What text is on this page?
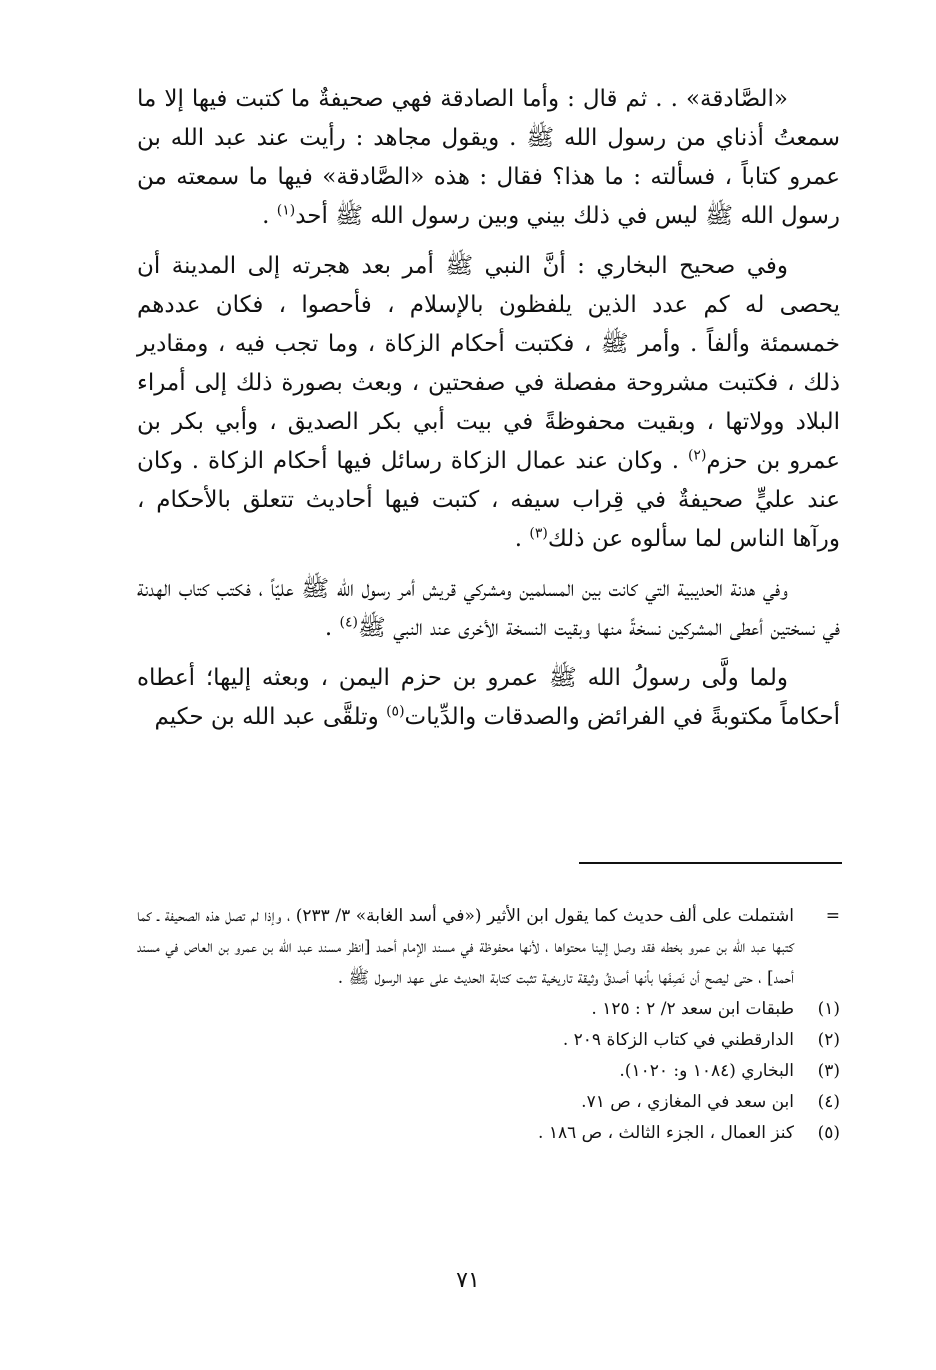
«الصَّادقة» . . ثم قال : وأما الصادقة فهي صحيفةٌ ما كتبت فيها إلا ما سمعتُ أذناي من رسول الله ﷺ . ويقول مجاهد : رأيت عند عبد الله بن عمرو كتاباً ، فسألته : ما هذا؟ فقال : هذه «الصَّادقة» فيها ما سمعته من رسول الله ﷺ ليس في ذلك بيني وبين رسول الله ﷺ أحد$^{(١)}$ .

وفي صحيح البخاري : أنَّ النبي ﷺ أمر بعد هجرته إلى المدينة أن يحصى له كم عدد الذين يلفظون بالإسلام ، فأحصوا ، فكان عددهم خمسمئة وألفاً . وأمر ﷺ ، فكتبت أحكام الزكاة ، وما تجب فيه ، ومقادير ذلك ، فكتبت مشروحة مفصلة في صفحتين ، وبعث بصورة ذلك إلى أمراء البلاد وولاتها ، وبقيت محفوظةً في بيت أبي بكر الصديق ، وأبي بكر بن عمرو بن حزم$^{(٢)}$ . وكان عند عمال الزكاة رسائل فيها أحكام الزكاة . وكان عند عليٍّ صحيفةٌ في قِراب سيفه ، كتبت فيها أحاديث تتعلق بالأحكام ، ورآها الناس لما سألوه عن ذلك$^{(٣)}$ .

وفي هدنة الحديبية التي كانت بين المسلمين ومشركي قريش أمر رسول الله ﷺ عليّاً ، فكتب كتاب الهدنة في نسختين أعطى المشركين نسخةً منها وبقيت النسخة الأخرى عند النبي ﷺ$^{(٤)}$ .

ولما ولَّى رسولُ الله ﷺ عمرو بن حزم اليمن ، وبعثه إليها؛ أعطاه أحكاماً مكتوبةً في الفرائض والصدقات والدِّيات$^{(٥)}$ وتلقَّى عبد الله بن حكيم

=
اشتملت على ألف حديث كما يقول ابن الأثير («في أسد الغابة» ٣/ ٢٣٣) ، وإذا لم تصل هذه الصحيفة ـ كما كتبها عبد الله بن عمرو بخطه فقد وصل إلينا محتواها ، لأنها محفوظة في مسند الإمام أحمد [انظر مسند عبد الله بن عمرو بن العاص في مسند أحمد] ، حتى ليصح أن نَصِفَها بأنها أصدقُ وثيقة تاريخية تثبت كتابة الحديث على عهد الرسول ﷺ .
(١)
طبقات ابن سعد ٢/ ٢ : ١٢٥ .
(٢)
الدارقطني في كتاب الزكاة ٢٠٩ .
(٣)
البخاري (١٠٨٤ و: ١٠٢٠).
(٤)
ابن سعد في المغازي ، ص ٧١.
(٥)
كنز العمال ، الجزء الثالث ، ص ١٨٦ .
٧١
